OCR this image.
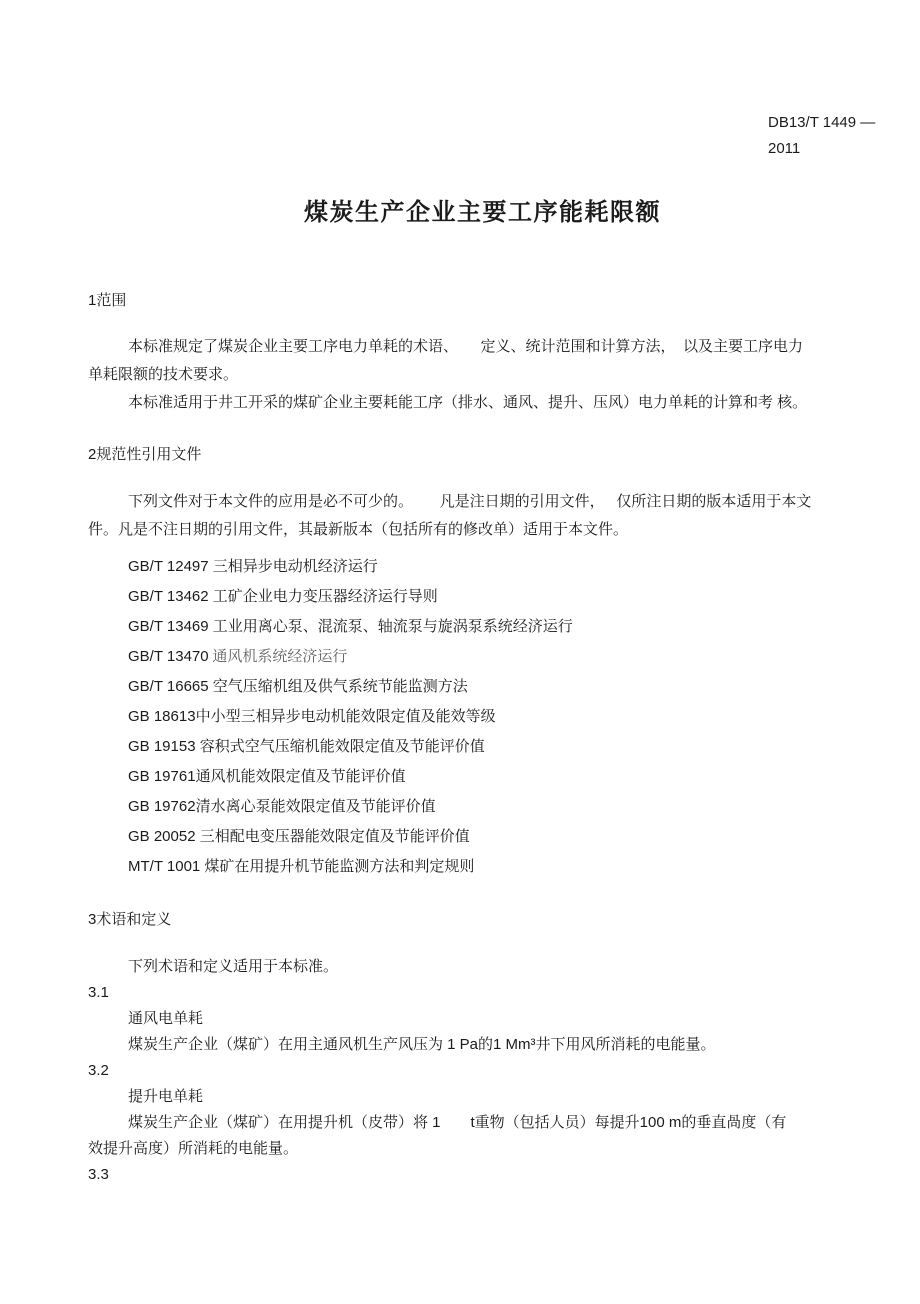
DB13/T 1449 —
2011
煤炭生产企业主要工序能耗限额
1范围
本标准规定了煤炭企业主要工序电力单耗的术语、　　定义、统计范围和计算方法，　以及主要工序电力
单耗限额的技术要求。
本标准适用于井工开采的煤矿企业主要耗能工序（排水、通风、提升、压风）电力单耗的计算和考 核。
2规范性引用文件
下列文件对于本文件的应用是必不可少的。　　 凡是注日期的引用文件，　 仅所注日期的版本适用于本文
件。凡是不注日期的引用文件，其最新版本（包括所有的修改单）适用于本文件。
GB/T 12497 三相异步电动机经济运行
GB/T 13462 工矿企业电力变压器经济运行导则
GB/T 13469 工业用离心泵、混流泵、轴流泵与旋涡泵系统经济运行
GB/T 13470 通风机系统经济运行
GB/T 16665 空气压缩机组及供气系统节能监测方法
GB 18613中小型三相异步电动机能效限定值及能效等级
GB 19153 容积式空气压缩机能效限定值及节能评价值
GB 19761通风机能效限定值及节能评价值
GB 19762清水离心泵能效限定值及节能评价值
GB 20052 三相配电变压器能效限定值及节能评价值
MT/T 1001 煤矿在用提升机节能监测方法和判定规则
3术语和定义
下列术语和定义适用于本标准。
3.1
通风电单耗
煤炭生产企业（煤矿）在用主通风机生产风压为 1 Pa的1 Mm³井下用风所消耗的电能量。
3.2
提升电单耗
煤炭生产企业（煤矿）在用提升机（皮带）将 1　　t重物（包括人员）每提升100 m的垂直咼度（有
效提升高度）所消耗的电能量。
3.3
